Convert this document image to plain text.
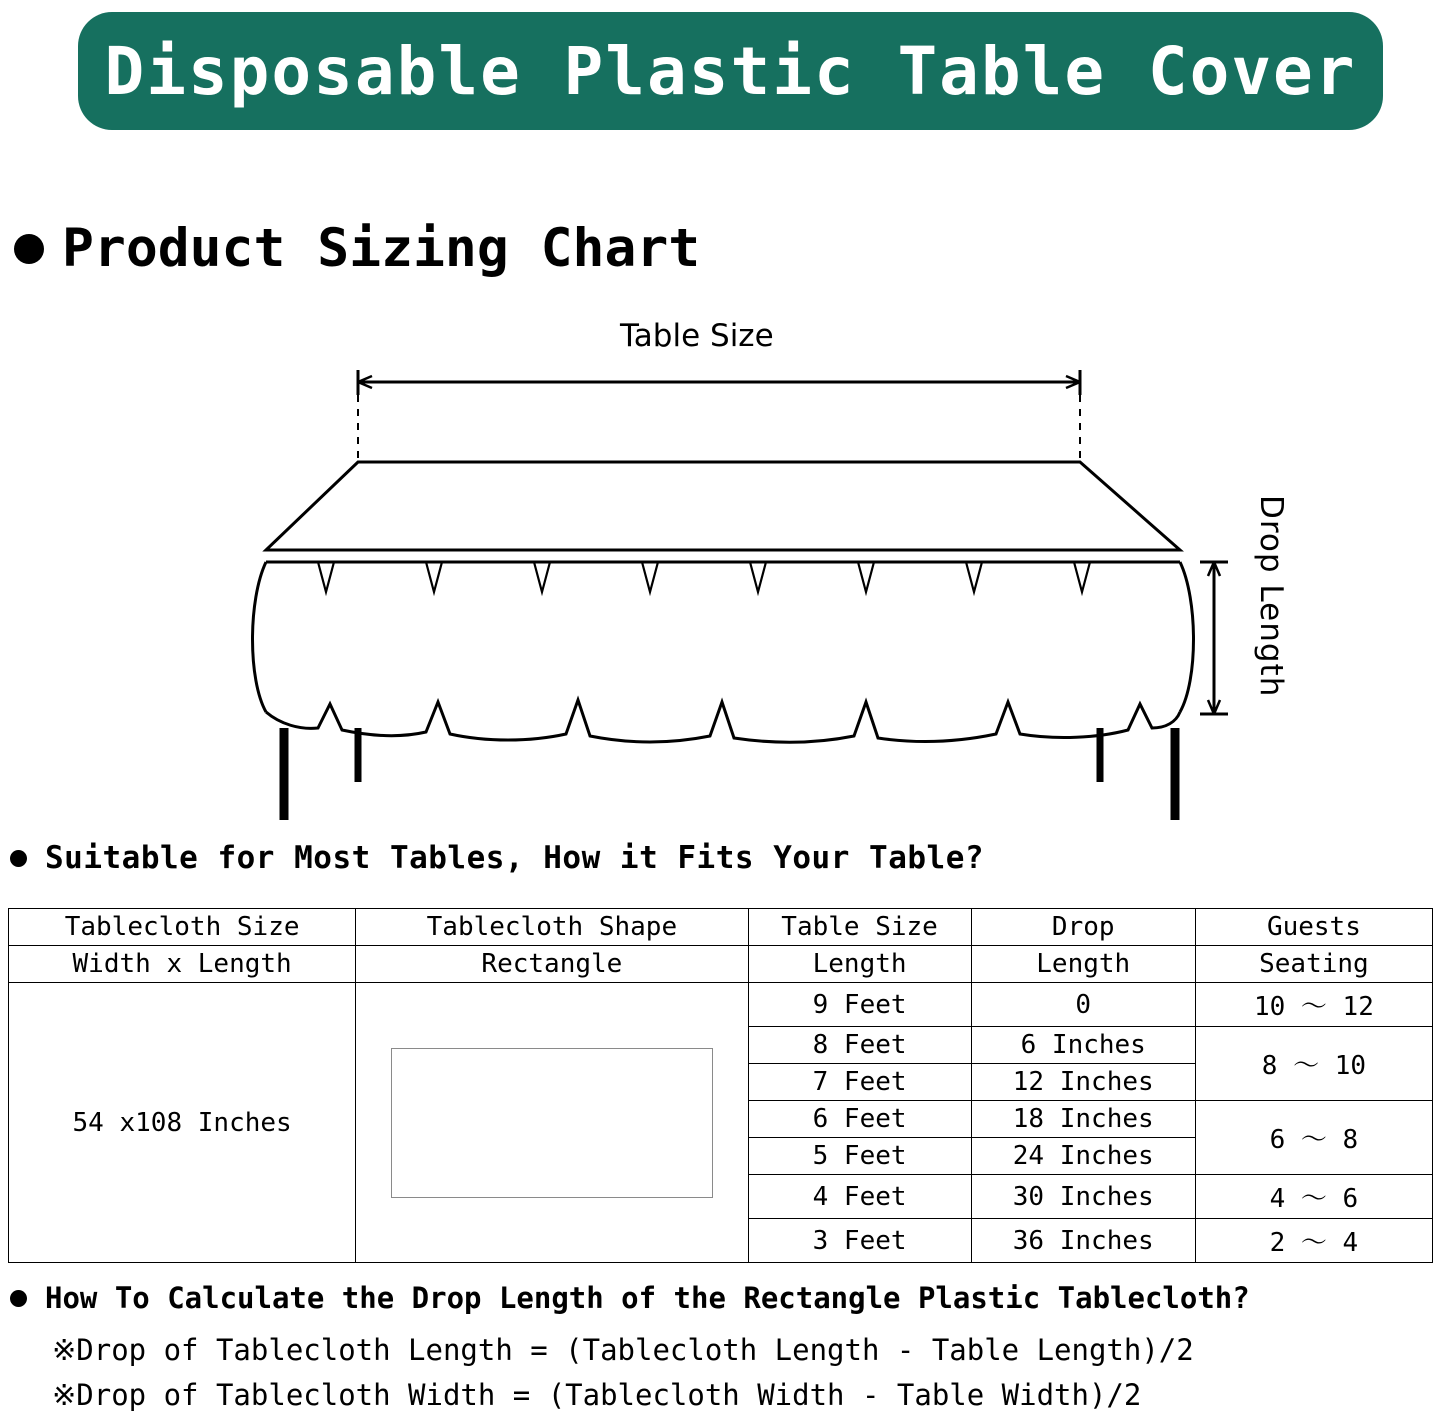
Disposable Plastic Table Cover
Product Sizing Chart
Table Size
Drop Length
Suitable for Most Tables, How it Fits Your Table?
Tablecloth Size	Tablecloth Shape	Table Size	Drop	Guests
Width x Length	Rectangle	Length	Length	Seating
54 x108 Inches		9 Feet	0	10 ～ 12
		8 Feet	6 Inches	8 ～ 10
		7 Feet	12 Inches	
		6 Feet	18 Inches	6 ～ 8
		5 Feet	24 Inches	
		4 Feet	30 Inches	4 ～ 6
		3 Feet	36 Inches	2 ～ 4
How To Calculate the Drop Length of the Rectangle Plastic Tablecloth?
※Drop of Tablecloth Length = (Tablecloth Length - Table Length)/2
※Drop of Tablecloth Width = (Tablecloth Width - Table Width)/2
